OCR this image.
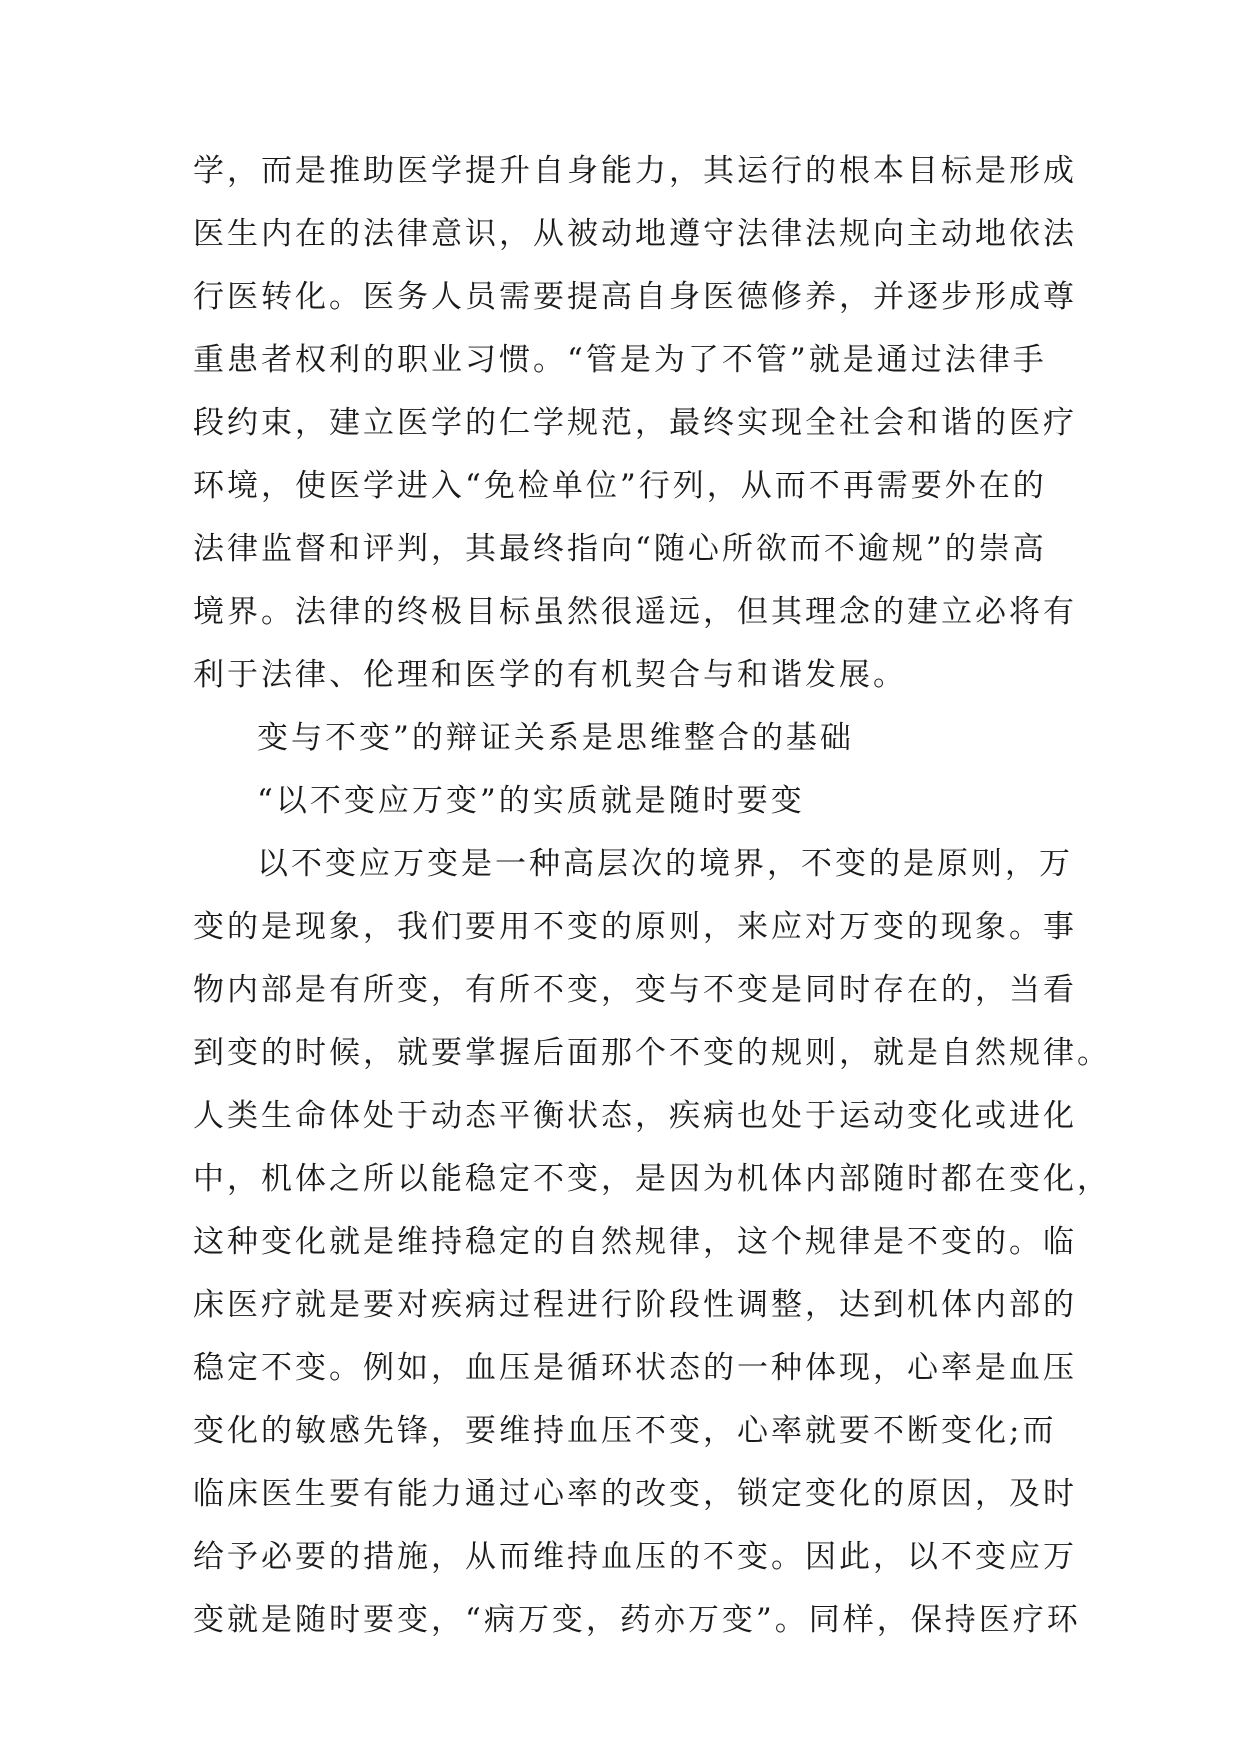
学，而是推助医学提升自身能力，其运行的根本目标是形成
医生内在的法律意识，从被动地遵守法律法规向主动地依法
行医转化。医务人员需要提高自身医德修养，并逐步形成尊
重患者权利的职业习惯。“管是为了不管”就是通过法律手
段约束，建立医学的仁学规范，最终实现全社会和谐的医疗
环境，使医学进入“免检单位”行列，从而不再需要外在的
法律监督和评判，其最终指向“随心所欲而不逾规”的崇高
境界。法律的终极目标虽然很遥远，但其理念的建立必将有
利于法律、伦理和医学的有机契合与和谐发展。
变与不变”的辩证关系是思维整合的基础
“以不变应万变”的实质就是随时要变
以不变应万变是一种高层次的境界，不变的是原则，万
变的是现象，我们要用不变的原则，来应对万变的现象。事
物内部是有所变，有所不变，变与不变是同时存在的，当看
到变的时候，就要掌握后面那个不变的规则，就是自然规律。
人类生命体处于动态平衡状态，疾病也处于运动变化或进化
中，机体之所以能稳定不变，是因为机体内部随时都在变化，
这种变化就是维持稳定的自然规律，这个规律是不变的。临
床医疗就是要对疾病过程进行阶段性调整，达到机体内部的
稳定不变。例如，血压是循环状态的一种体现，心率是血压
变化的敏感先锋，要维持血压不变，心率就要不断变化;而
临床医生要有能力通过心率的改变，锁定变化的原因，及时
给予必要的措施，从而维持血压的不变。因此，以不变应万
变就是随时要变，“病万变，药亦万变”。同样，保持医疗环
